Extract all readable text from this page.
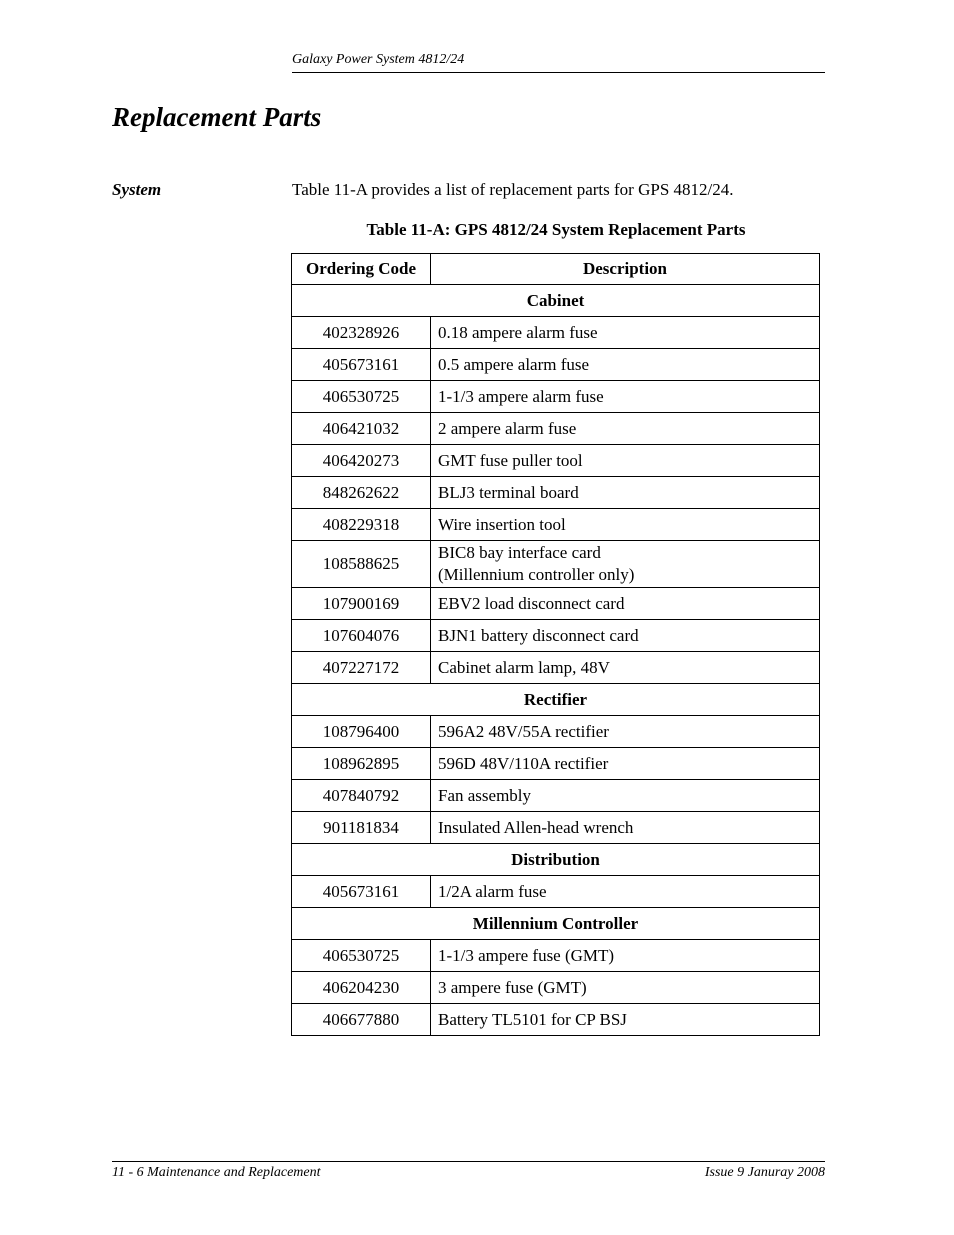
Galaxy Power System 4812/24
Replacement Parts
System	Table 11-A provides a list of replacement parts for GPS 4812/24.
Table 11-A: GPS 4812/24 System Replacement Parts
Ordering Code	Description
Cabinet	
402328926	0.18 ampere alarm fuse

405673161	0.5 ampere alarm fuse

406530725	1-1/3 ampere alarm fuse

406421032	2 ampere alarm fuse

406420273	GMT fuse puller tool

848262622	BLJ3 terminal board

408229318	Wire insertion tool

108588625	BIC8 bay interface card
(Millennium controller only)

107900169	EBV2 load disconnect card

107604076	BJN1 battery disconnect card

407227172	Cabinet alarm lamp, 48V

Rectifier	
108796400	596A2 48V/55A rectifier

108962895	596D 48V/110A rectifier

407840792	Fan assembly

901181834	Insulated Allen-head wrench

Distribution	
405673161	1/2A alarm fuse

Millennium Controller	
406530725	1-1/3 ampere fuse (GMT)

406204230	3 ampere fuse (GMT)

406677880	Battery TL5101 for CP BSJ
11 - 6 Maintenance and Replacement	Issue 9 Januray 2008
